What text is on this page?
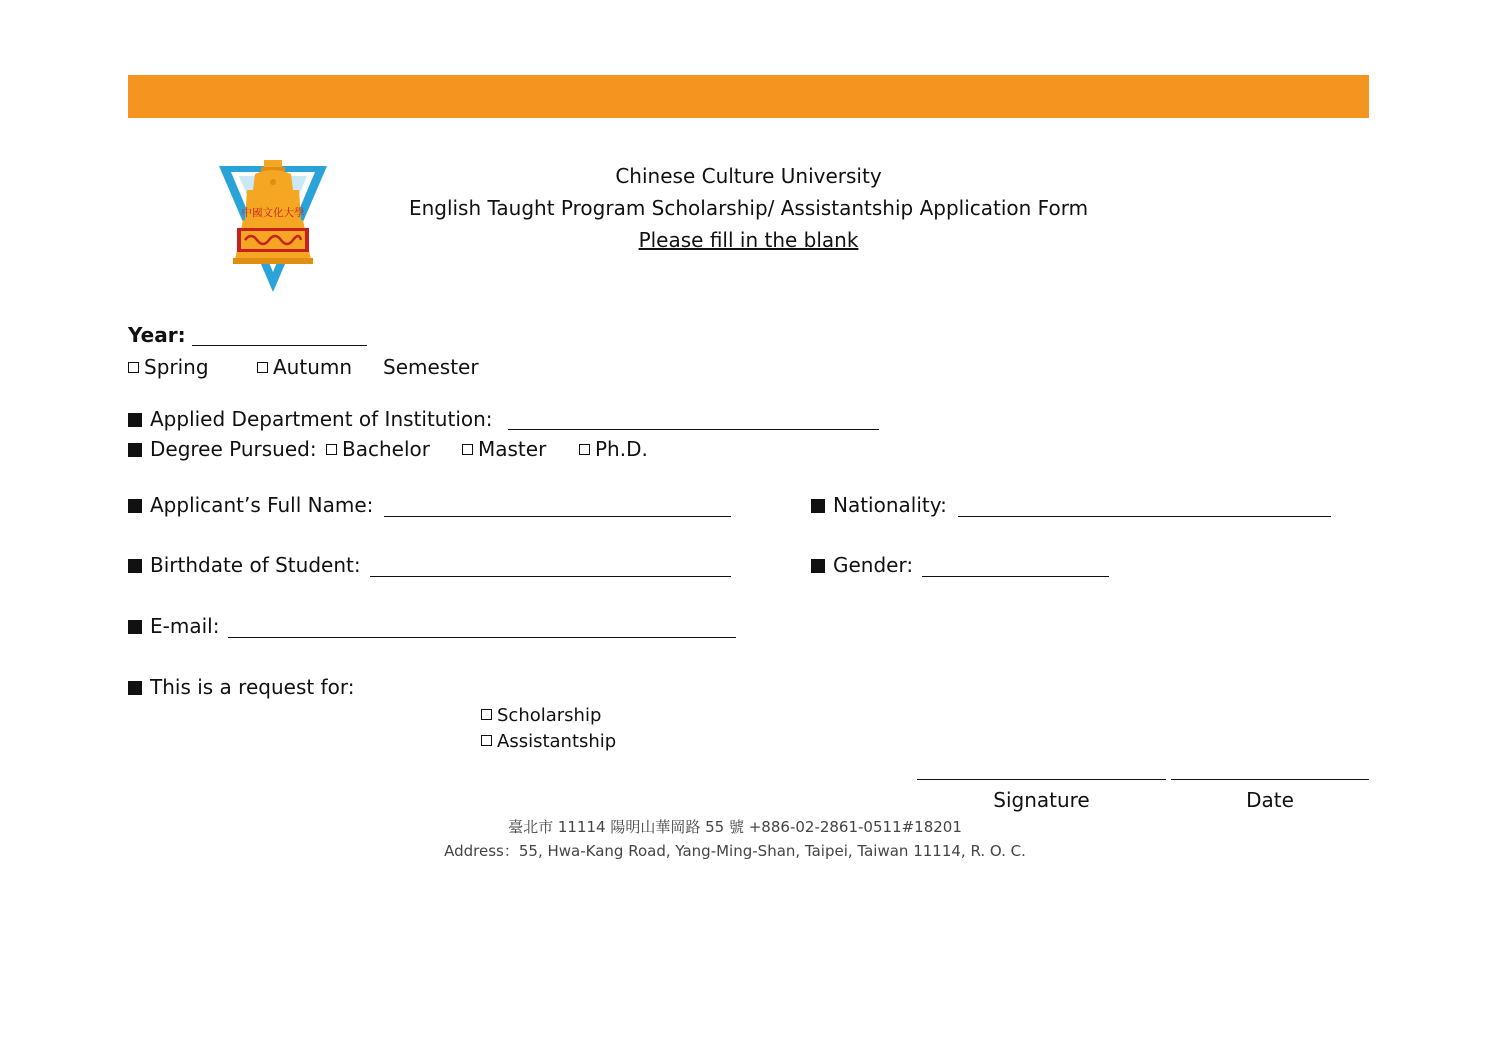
中國文化大學
Chinese Culture University
English Taught Program Scholarship/ Assistantship Application Form
Please fill in the blank
Year:
Spring	Autumn Semester
Applied Department of Institution:
Degree Pursued:	Bachelor	Master	Ph.D.
Applicant’s Full Name:	Nationality:
Birthdate of Student:	Gender:
E-mail:
This is a request for:
Scholarship
Assistantship
Signature	Date
臺北市 11114 陽明山華岡路 55 號 +886-02-2861-0511#18201
Address：55, Hwa-Kang Road, Yang-Ming-Shan, Taipei, Taiwan 11114, R. O. C.
